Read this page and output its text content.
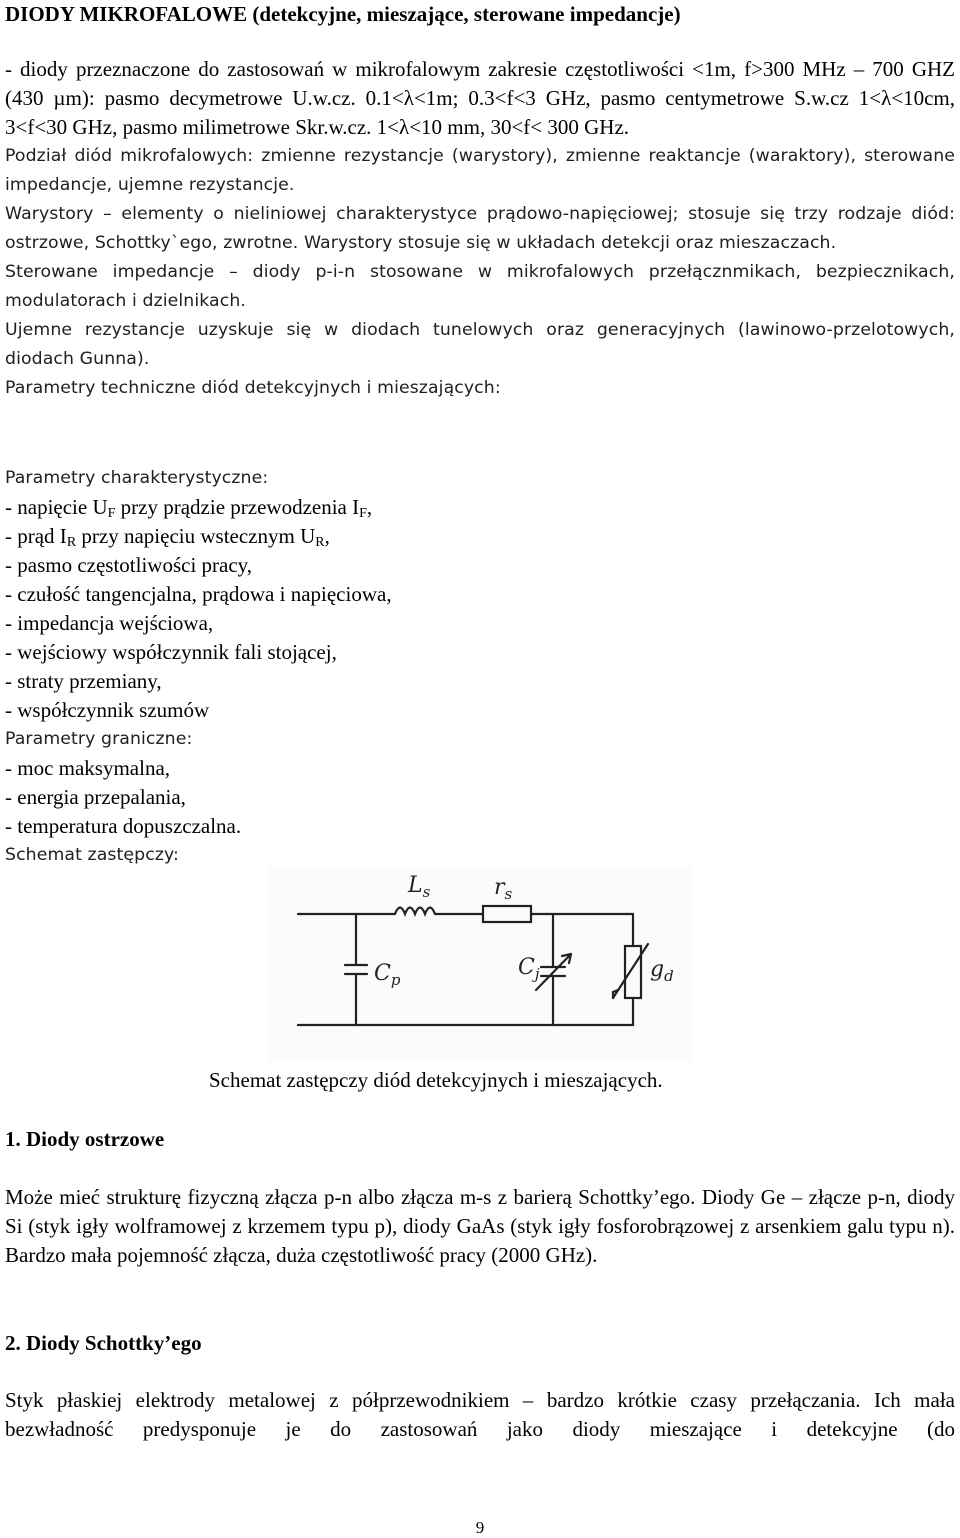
DIODY MIKROFALOWE (detekcyjne, mieszające, sterowane impedancje)

- diody przeznaczone do zastosowań w mikrofalowym zakresie częstotliwości <1m, f>300 MHz – 700 GHZ (430 µm): pasmo decymetrowe U.w.cz. 0.1<λ<1m; 0.3<f<3 GHz, pasmo centymetrowe S.w.cz 1<λ<10cm, 3<f<30 GHz, pasmo milimetrowe Skr.w.cz. 1<λ<10 mm, 30<f< 300 GHz.

Podział diód mikrofalowych: zmienne rezystancje (warystory), zmienne reaktancje (waraktory), sterowane impedancje, ujemne rezystancje.

Warystory – elementy o nieliniowej charakterystyce prądowo-napięciowej; stosuje się trzy rodzaje diód: ostrzowe, Schottky`ego, zwrotne. Warystory stosuje się w układach detekcji oraz mieszaczach.

Sterowane impedancje – diody p-i-n stosowane w mikrofalowych przełącznmikach, bezpiecznikach, modulatorach i dzielnikach.

Ujemne rezystancje uzyskuje się w diodach tunelowych oraz generacyjnych (lawinowo-przelotowych, diodach Gunna).

Parametry techniczne diód detekcyjnych i mieszających:

Parametry charakterystyczne:

- napięcie $U_F$ przy prądzie przewodzenia $I_F$,

- prąd $I_R$ przy napięciu wstecznym $U_R$,

- pasmo częstotliwości pracy,

- czułość tangencjalna, prądowa i napięciowa,

- impedancja wejściowa,

- wejściowy współczynnik fali stojącej,

- straty przemiany,

- współczynnik szumów

Parametry graniczne:

- moc maksymalna,

- energia przepalania,

- temperatura dopuszczalna.

Schemat zastępczy:

$L_s$	$r_s$
$C_p$	$C_j$	$g_d$
Schemat zastępczy diód detekcyjnych i mieszających.
1. Diody ostrzowe

Może mieć strukturę fizyczną złącza p-n albo złącza m-s z barierą Schottky’ego. Diody Ge – złącze p-n, diody Si (styk igły wolframowej z krzemem typu p), diody GaAs (styk igły fosforobrązowej z arsenkiem galu typu n). Bardzo mała pojemność złącza, duża częstotliwość pracy (2000 GHz).

2. Diody Schottky’ego

Styk płaskiej elektrody metalowej z półprzewodnikiem – bardzo krótkie czasy przełączania. Ich mała bezwładność predysponuje je do zastosowań jako diody mieszające i detekcyjne (do

9
